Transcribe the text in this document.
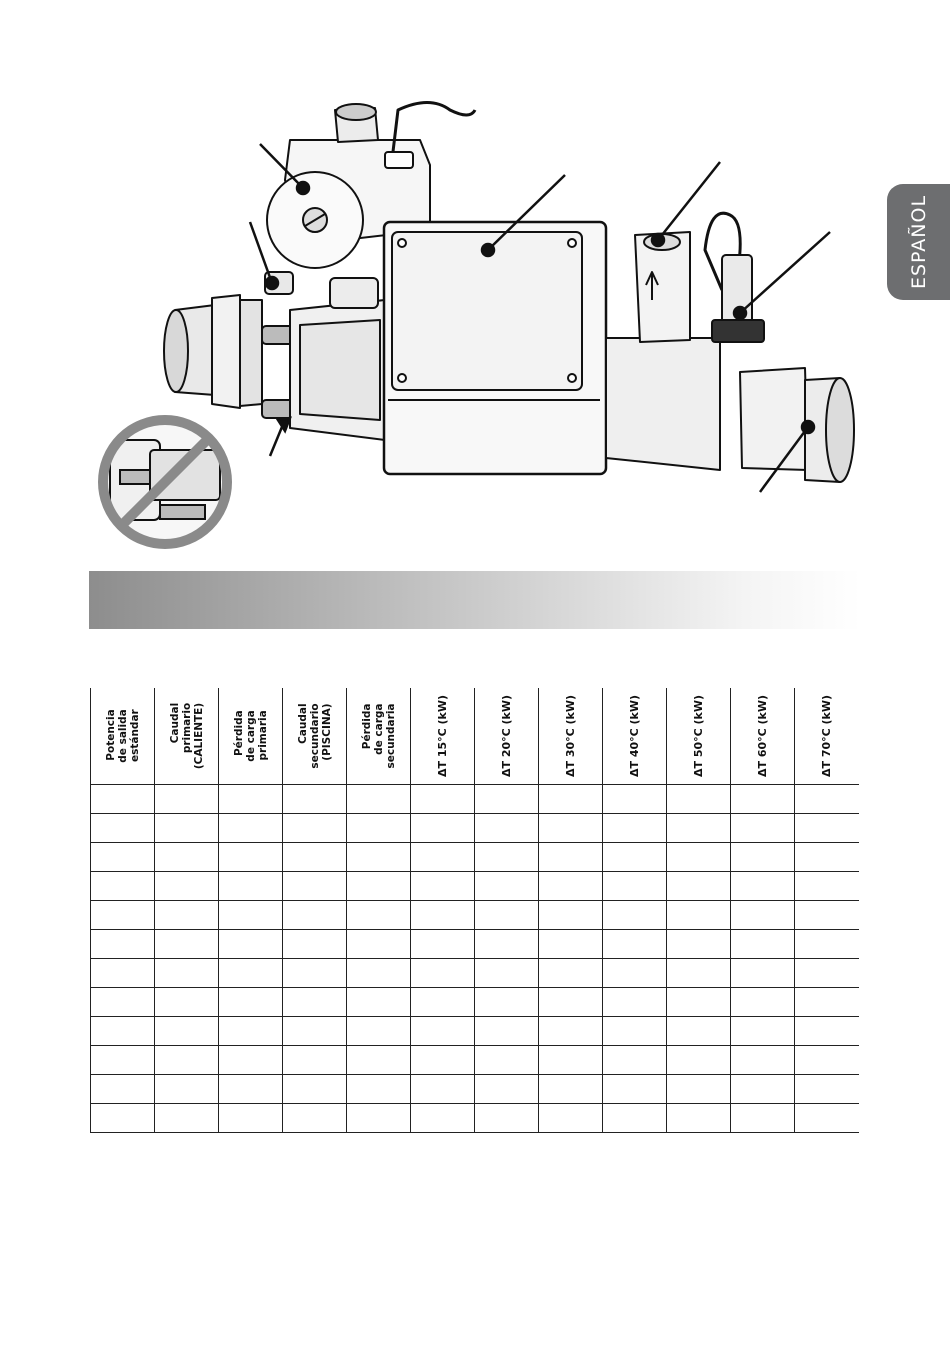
ESPAÑOL
Potencia
de salida
estándar	Caudal
primario
(CALIENTE)	Pérdida
de carga
primaria	Caudal
secundario
(PISCINA)	Pérdida
de carga
secundaria	ΔT 15°C (kW)	ΔT 20°C (kW)	ΔT 30°C (kW)	ΔT 40°C (kW)	ΔT 50°C (kW)	ΔT 60°C (kW)	ΔT 70°C (kW)
